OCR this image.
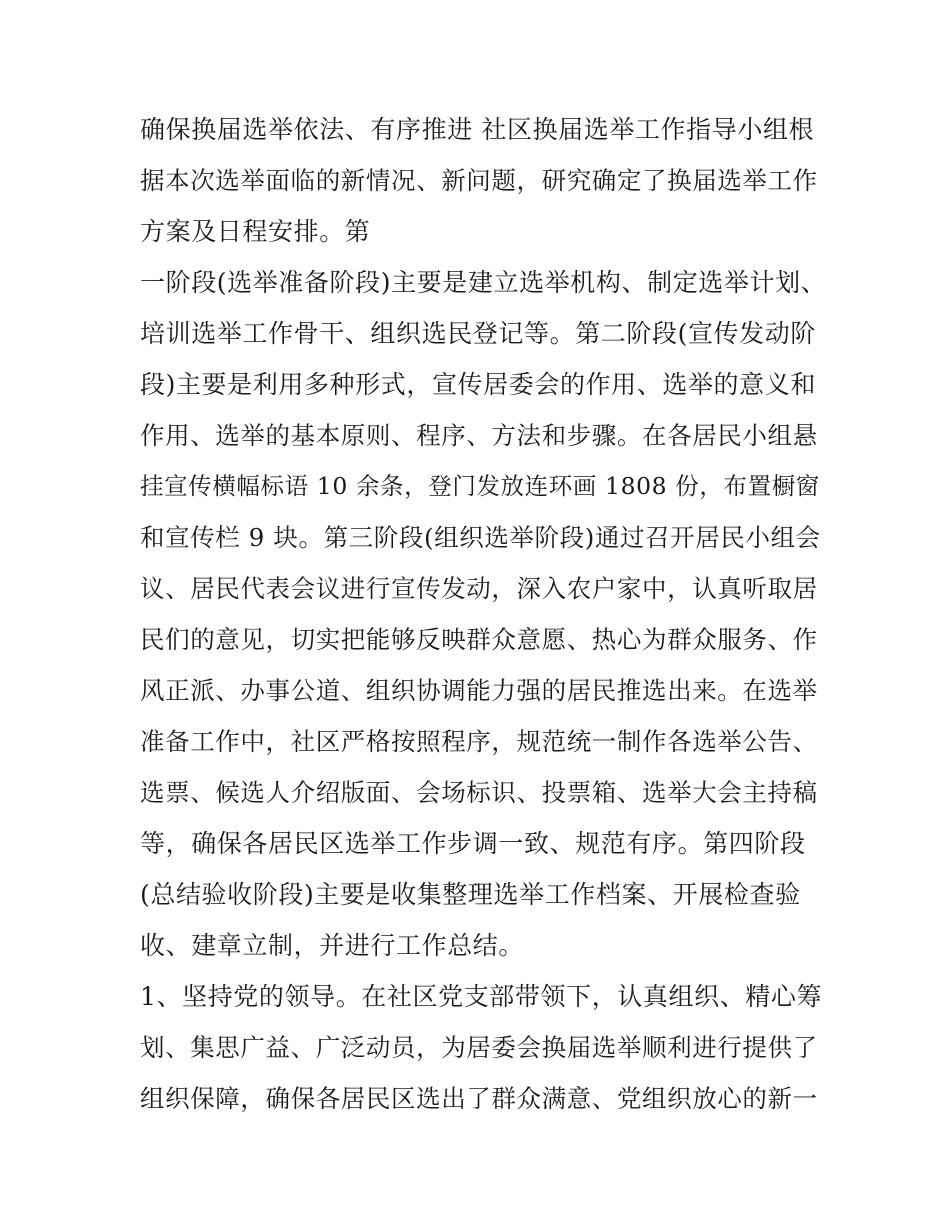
确保换届选举依法、有序推进 社区换届选举工作指导小组根
据本次选举面临的新情况、新问题，研究确定了换届选举工作
方案及日程安排。第
一阶段(选举准备阶段)主要是建立选举机构、制定选举计划、
培训选举工作骨干、组织选民登记等。第二阶段(宣传发动阶
段)主要是利用多种形式，宣传居委会的作用、选举的意义和
作用、选举的基本原则、程序、方法和步骤。在各居民小组悬
挂宣传横幅标语 10 余条，登门发放连环画 1808 份，布置橱窗
和宣传栏 9 块。第三阶段(组织选举阶段)通过召开居民小组会
议、居民代表会议进行宣传发动，深入农户家中，认真听取居
民们的意见，切实把能够反映群众意愿、热心为群众服务、作
风正派、办事公道、组织协调能力强的居民推选出来。在选举
准备工作中，社区严格按照程序，规范统一制作各选举公告、
选票、候选人介绍版面、会场标识、投票箱、选举大会主持稿
等，确保各居民区选举工作步调一致、规范有序。第四阶段
(总结验收阶段)主要是收集整理选举工作档案、开展检查验
收、建章立制，并进行工作总结。
1、坚持党的领导。在社区党支部带领下，认真组织、精心筹
划、集思广益、广泛动员，为居委会换届选举顺利进行提供了
组织保障，确保各居民区选出了群众满意、党组织放心的新一
